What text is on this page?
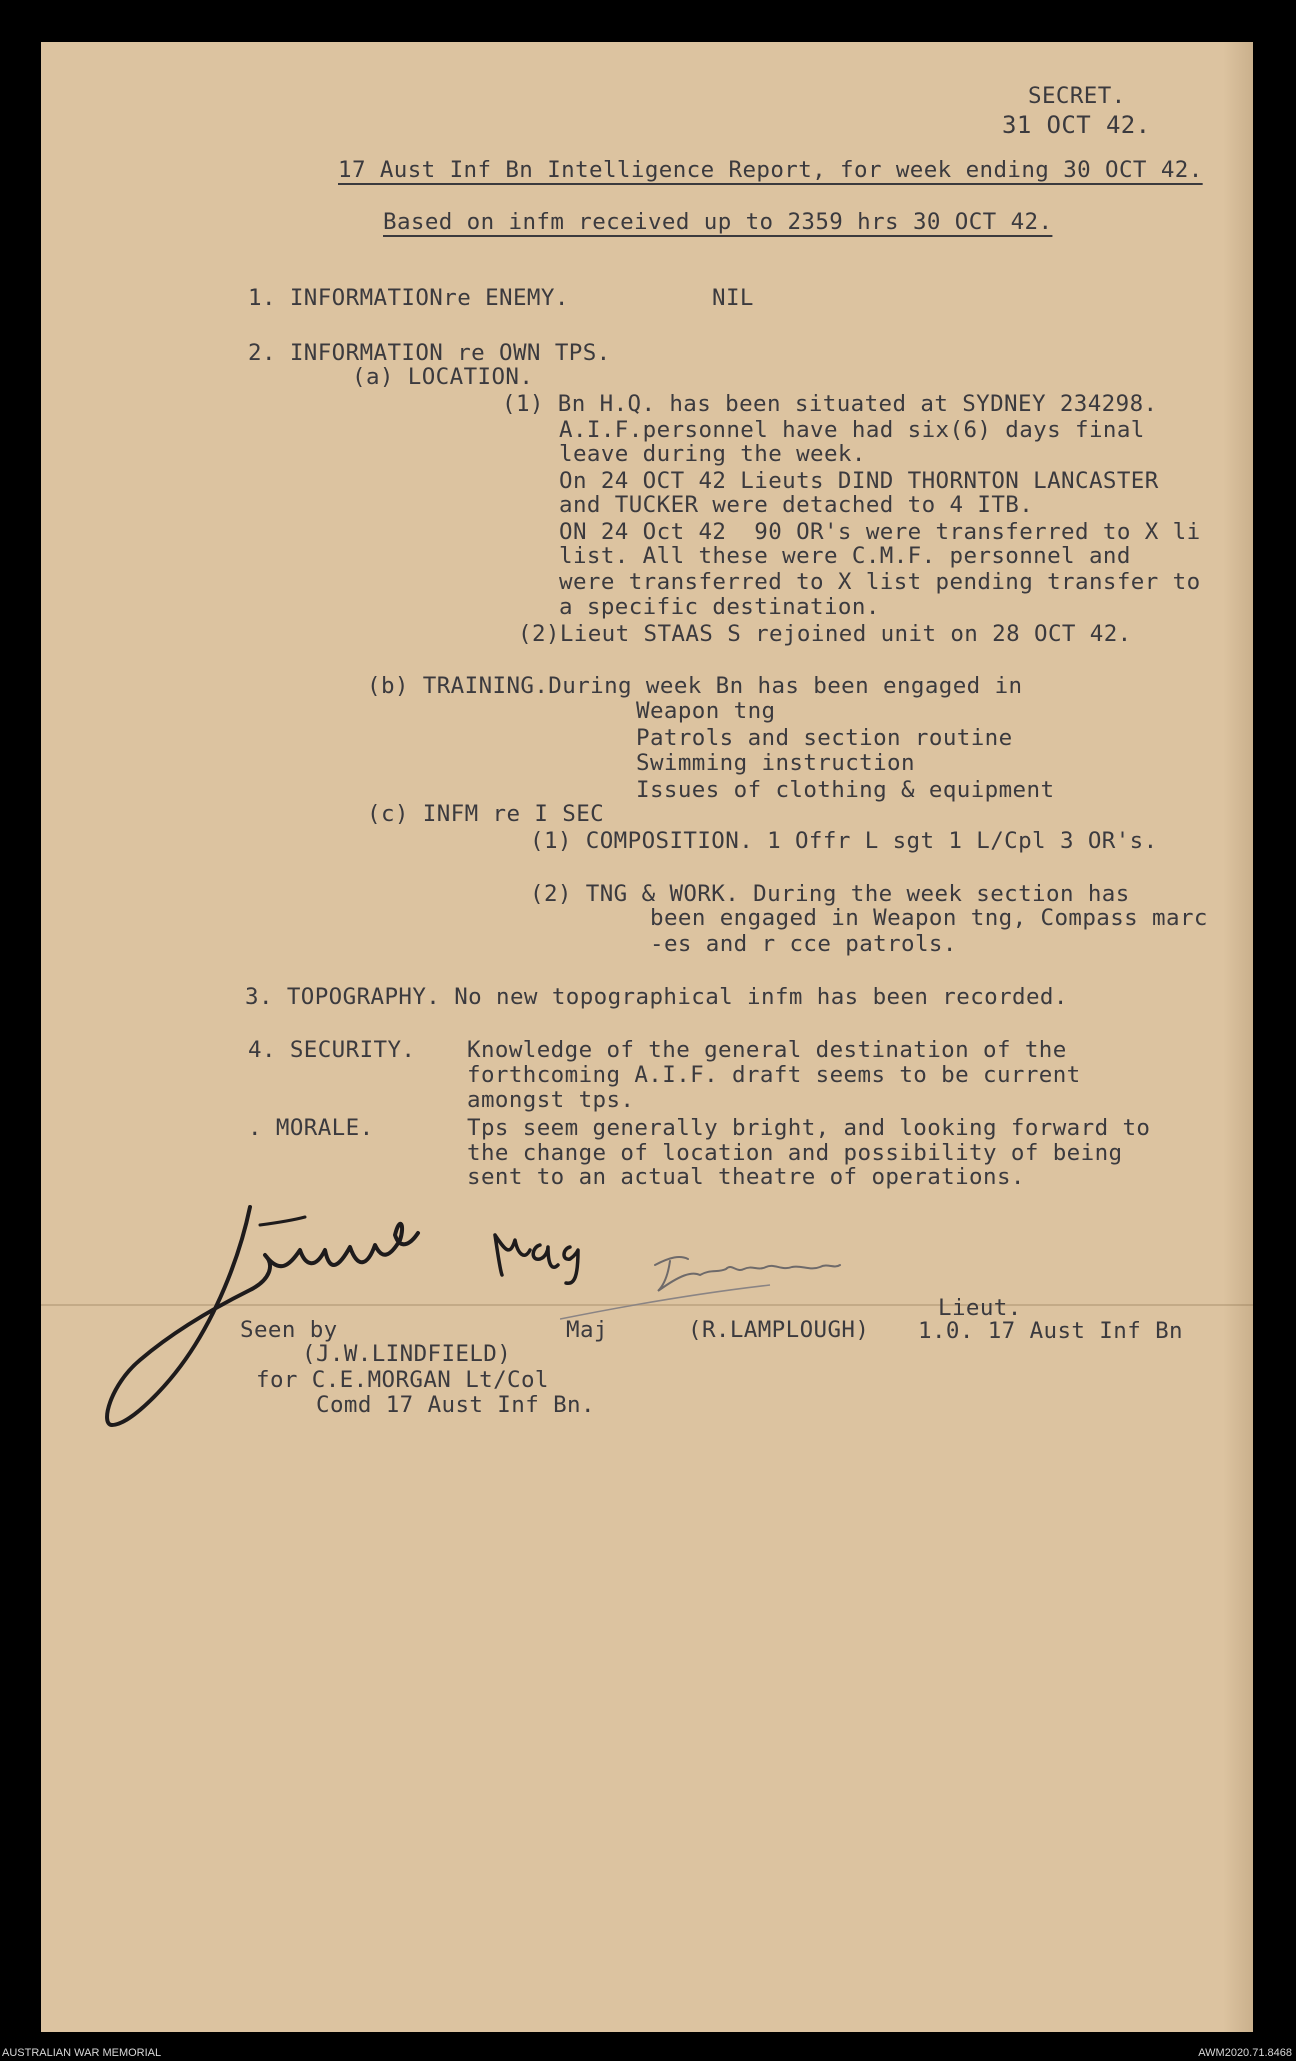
SECRET.
31 OCT 42.
17 Aust Inf Bn Intelligence Report, for week ending 30 OCT 42.
Based on infm received up to 2359 hrs 30 OCT 42.
1. INFORMATIONre ENEMY.	NIL
2. INFORMATION re OWN TPS.
(a) LOCATION.
(1) Bn H.Q. has been situated at SYDNEY 234298.
A.I.F.personnel have had six(6) days final
leave during the week.
On 24 OCT 42 Lieuts DIND THORNTON LANCASTER
and TUCKER were detached to 4 ITB.
ON 24 Oct 42  90 OR's were transferred to X li
list. All these were C.M.F. personnel and
were transferred to X list pending transfer to
a specific destination.
(2)Lieut STAAS S rejoined unit on 28 OCT 42.
(b) TRAINING.During week Bn has been engaged in
Weapon tng
Patrols and section routine
Swimming instruction
Issues of clothing & equipment
(c) INFM re I SEC
(1) COMPOSITION. 1 Offr L sgt 1 L/Cpl 3 OR's.
(2) TNG & WORK. During the week section has
been engaged in Weapon tng, Compass marc
-es and r cce patrols.
3. TOPOGRAPHY. No new topographical infm has been recorded.
4. SECURITY. Knowledge of the general destination of the
forthcoming A.I.F. draft seems to be current
amongst tps.
. MORALE.	Tps seem generally bright, and looking forward to
the change of location and possibility of being
sent to an actual theatre of operations.
Seen by	Maj	(R.LAMPLOUGH)
Lieut.
1.0. 17 Aust Inf Bn
(J.W.LINDFIELD)
for C.E.MORGAN Lt/Col
Comd 17 Aust Inf Bn.
AUSTRALIAN WAR MEMORIAL	AWM2020.71.8468
